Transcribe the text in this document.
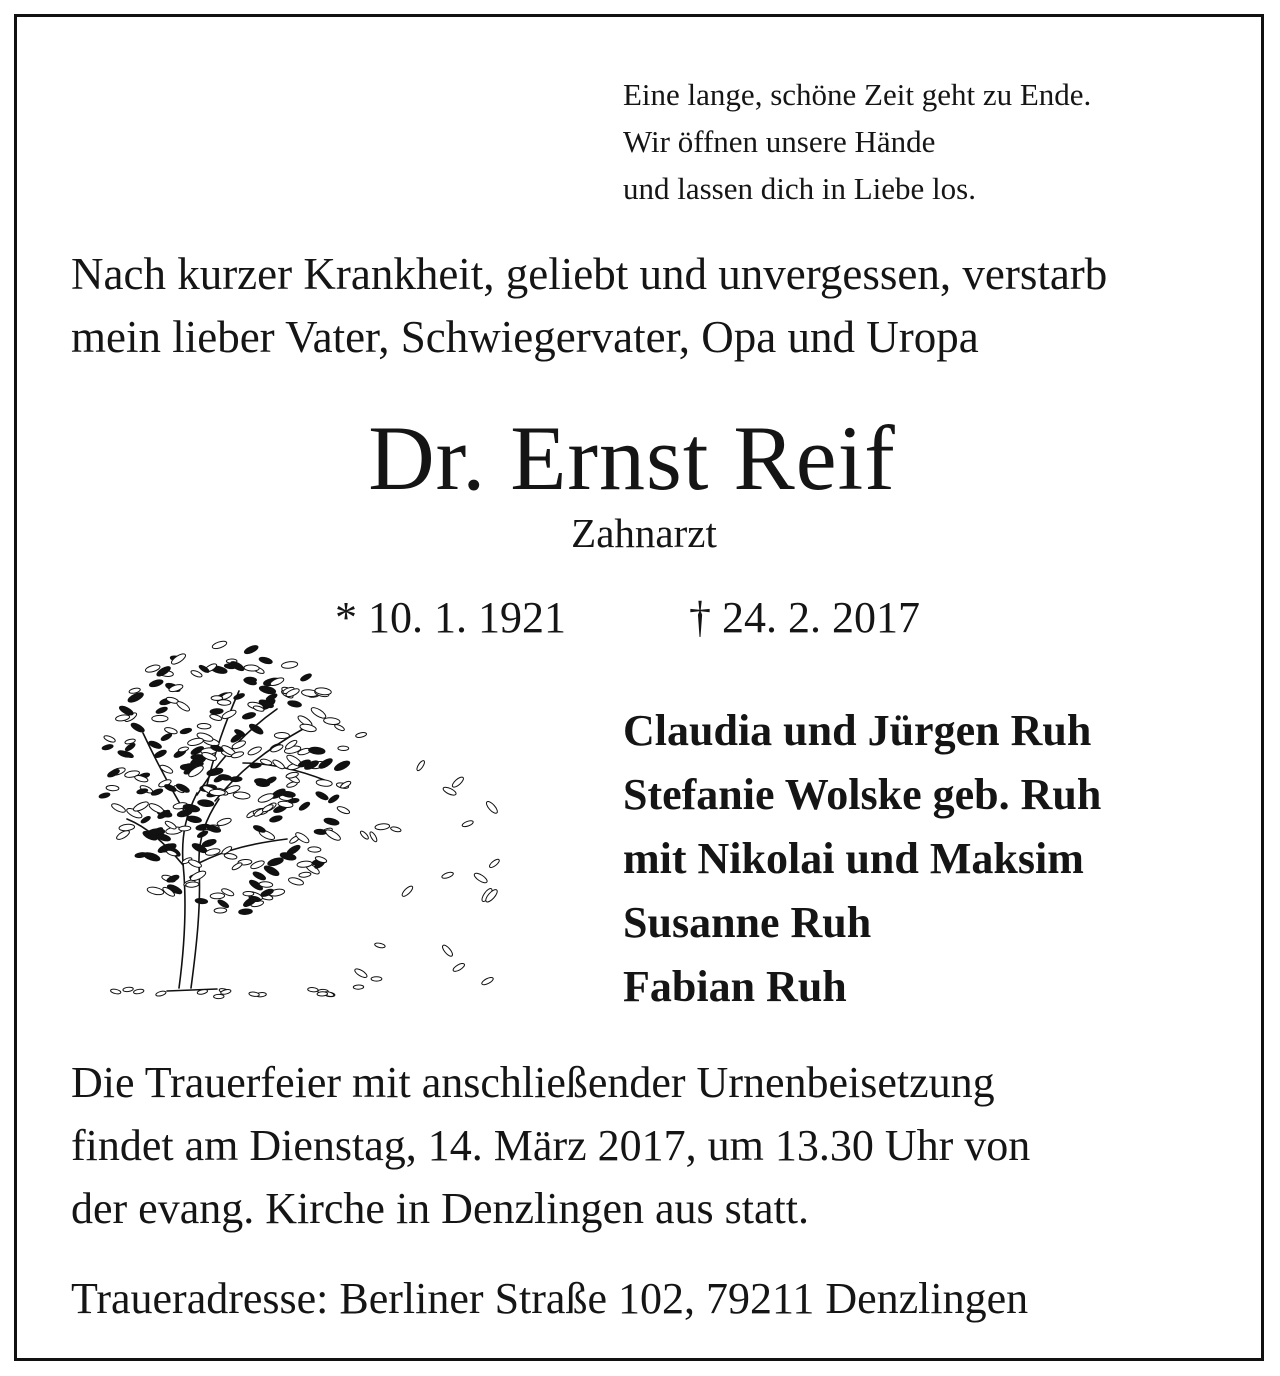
Eine lange, schöne Zeit geht zu Ende.
Wir öffnen unsere Hände
und lassen dich in Liebe los.
Nach kurzer Krankheit, geliebt und unvergessen, verstarb
mein lieber Vater, Schwiegervater, Opa und Uropa
Dr. Ernst Reif
Zahnarzt
* 10. 1. 1921	† 24. 2. 2017
Claudia und Jürgen Ruh
Stefanie Wolske geb. Ruh
mit Nikolai und Maksim
Susanne Ruh
Fabian Ruh
Die Trauerfeier mit anschließender Urnenbeisetzung
findet am Dienstag, 14. März 2017, um 13.30 Uhr von
der evang. Kirche in Denzlingen aus statt.
Traueradresse: Berliner Straße 102, 79211 Denzlingen
